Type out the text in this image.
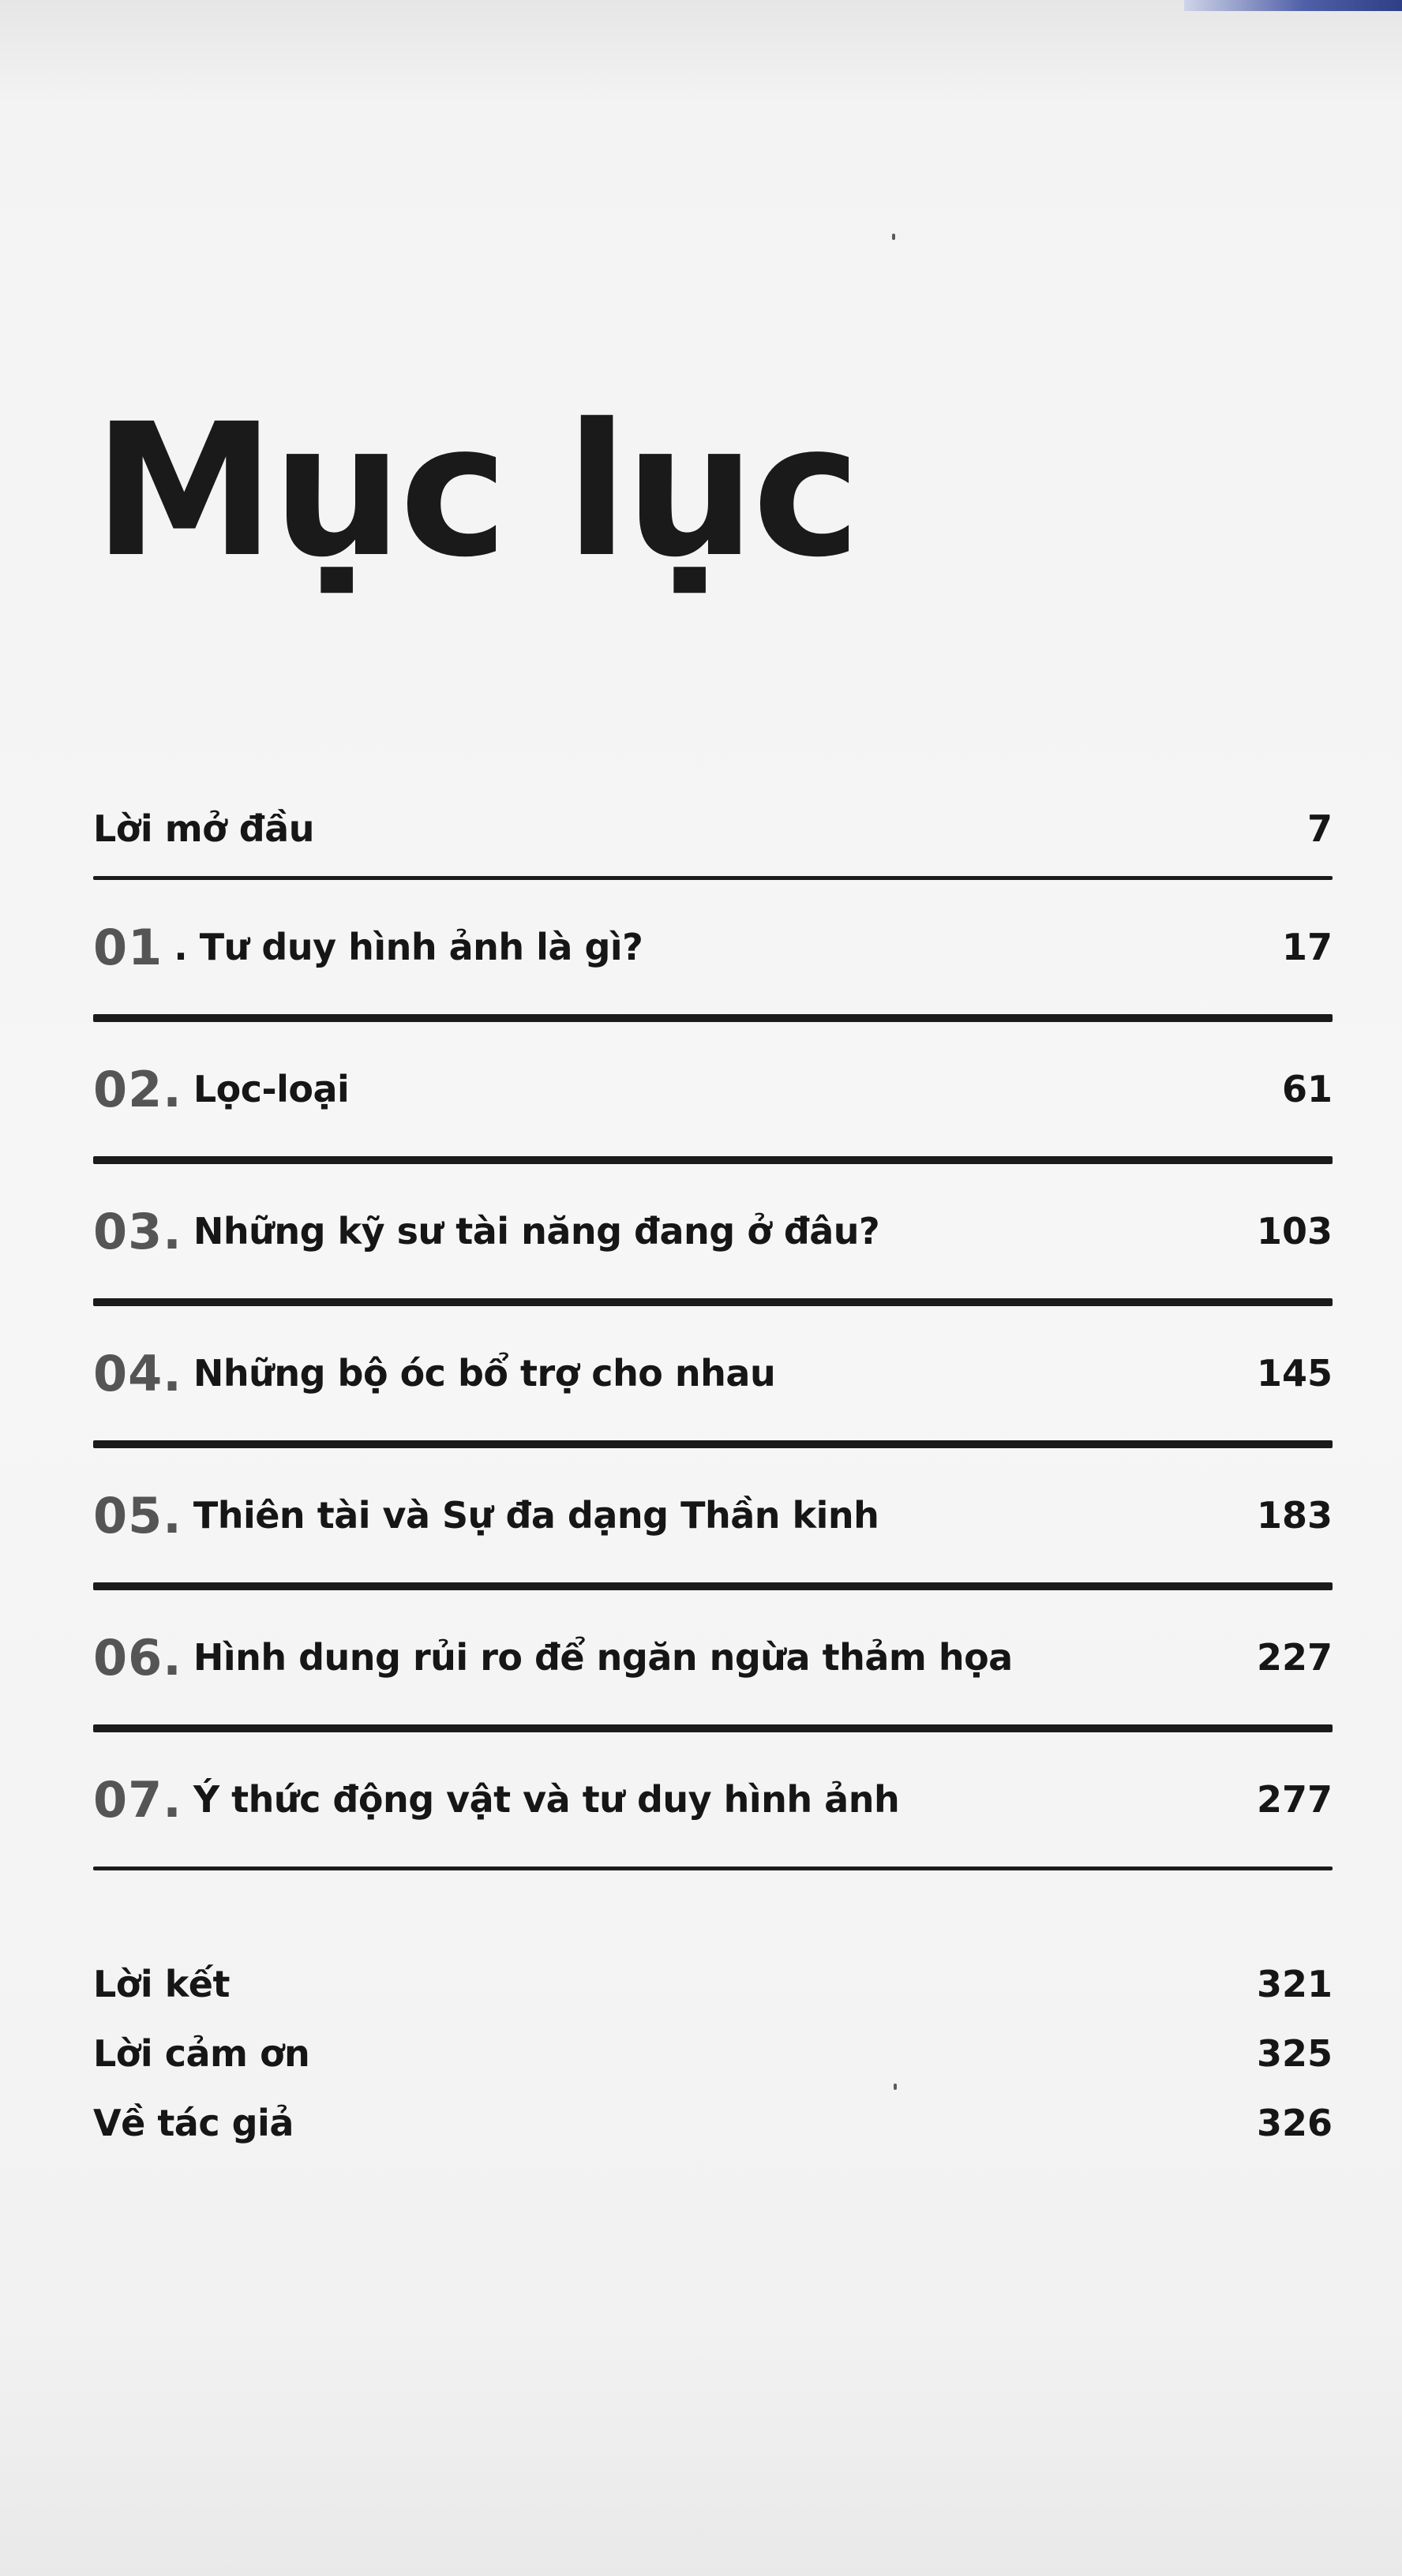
Mục lục
Lời mở đầu	7
01 . Tư duy hình ảnh là gì?	17
02. Lọc-loại	61
03. Những kỹ sư tài năng đang ở đâu?	103
04. Những bộ óc bổ trợ cho nhau	145
05. Thiên tài và Sự đa dạng Thần kinh	183
06. Hình dung rủi ro để ngăn ngừa thảm họa	227
07. Ý thức động vật và tư duy hình ảnh	277
Lời kết	321
Lời cảm ơn	325
Về tác giả	326
